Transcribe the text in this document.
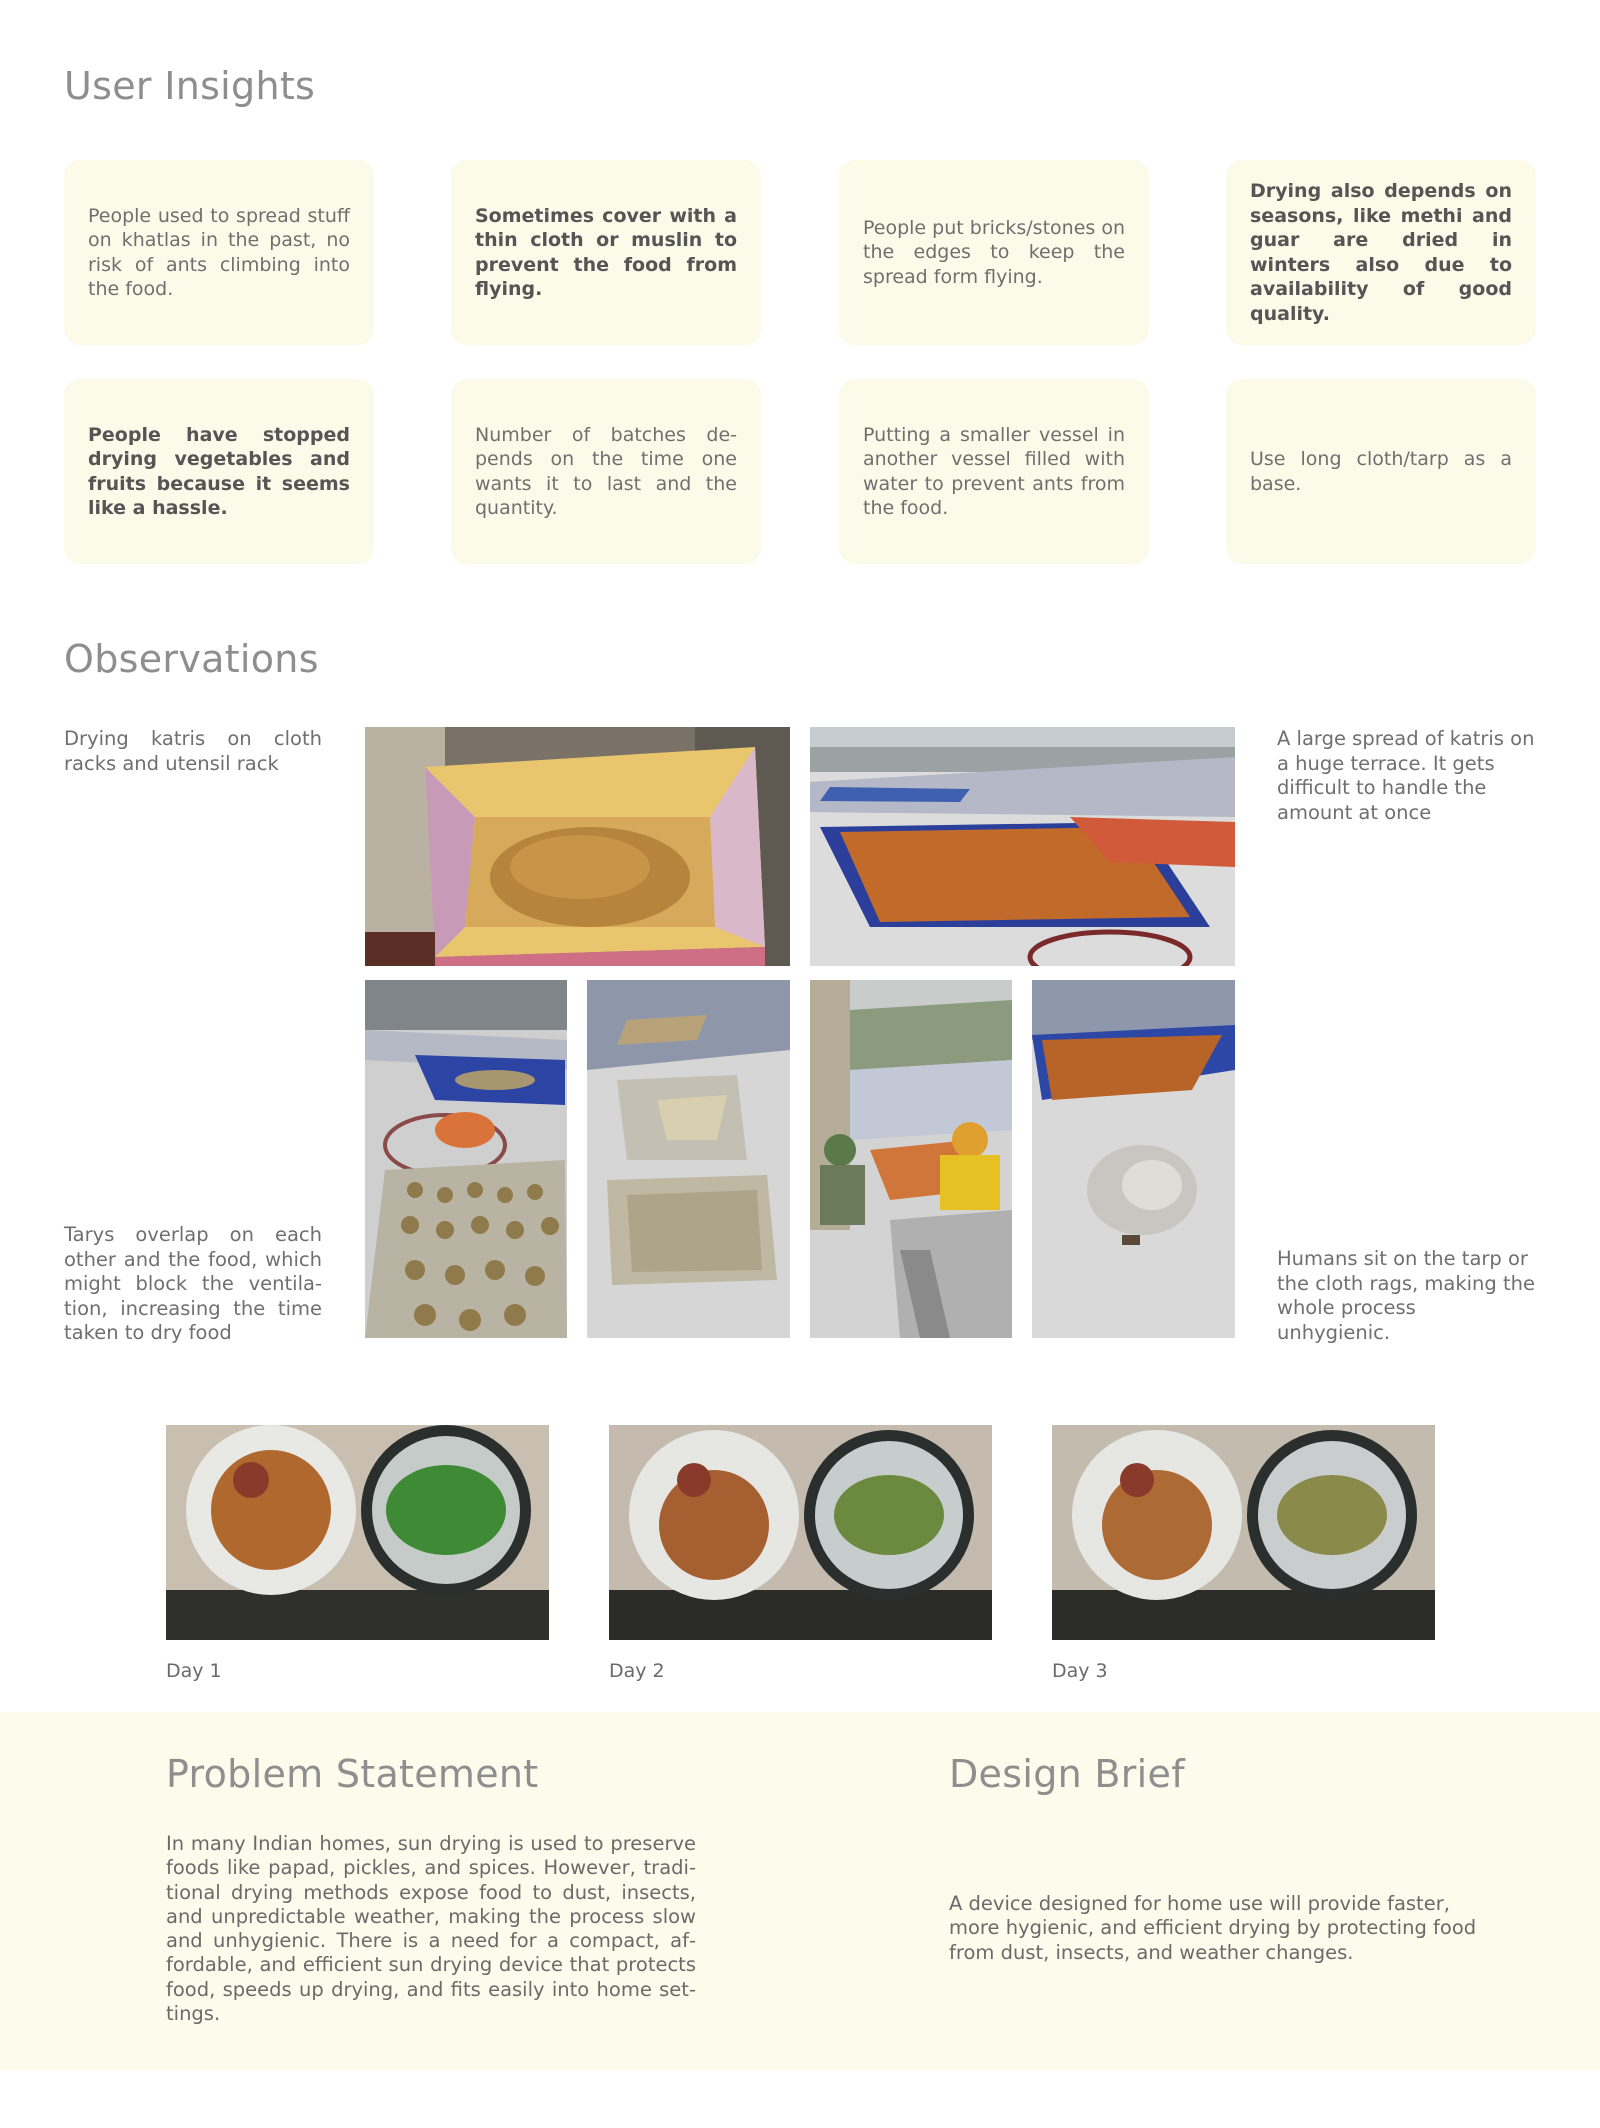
User Insights

People used to spread stuff on khatlas in the past, no risk of ants climbing into the food.

Sometimes cover with a thin cloth or muslin to prevent the food from flying.

People put bricks/stones on the edges to keep the spread form flying.

Drying also depends on seasons, like methi and guar are dried in winters also due to availability of good quality.

People have stopped drying vegetables and fruits because it seems like a hassle.

Number of batches depends on the time one wants it to last and the quantity.

Putting a smaller vessel in another vessel filled with water to prevent ants from the food.

Use long cloth/tarp as a base.

Observations
Drying katris on cloth racks and utensil rack
A large spread of katris on a huge terrace. It gets difficult to handle the amount at once
Tarys overlap on each other and the food, which might block the ventilation, increasing the time taken to dry food
Humans sit on the tarp or the cloth rags, making the whole process unhygienic.
Day 1	Day 2	Day 3
Problem Statement
In many Indian homes, sun drying is used to preserve foods like papad, pickles, and spices. However, traditional drying methods expose food to dust, insects, and unpredictable weather, making the process slow and unhygienic. There is a need for a compact, affordable, and efficient sun drying device that protects food, speeds up drying, and fits easily into home settings.
Design Brief
A device designed for home use will provide faster, more hygienic, and efficient drying by protecting food from dust, insects, and weather changes.
